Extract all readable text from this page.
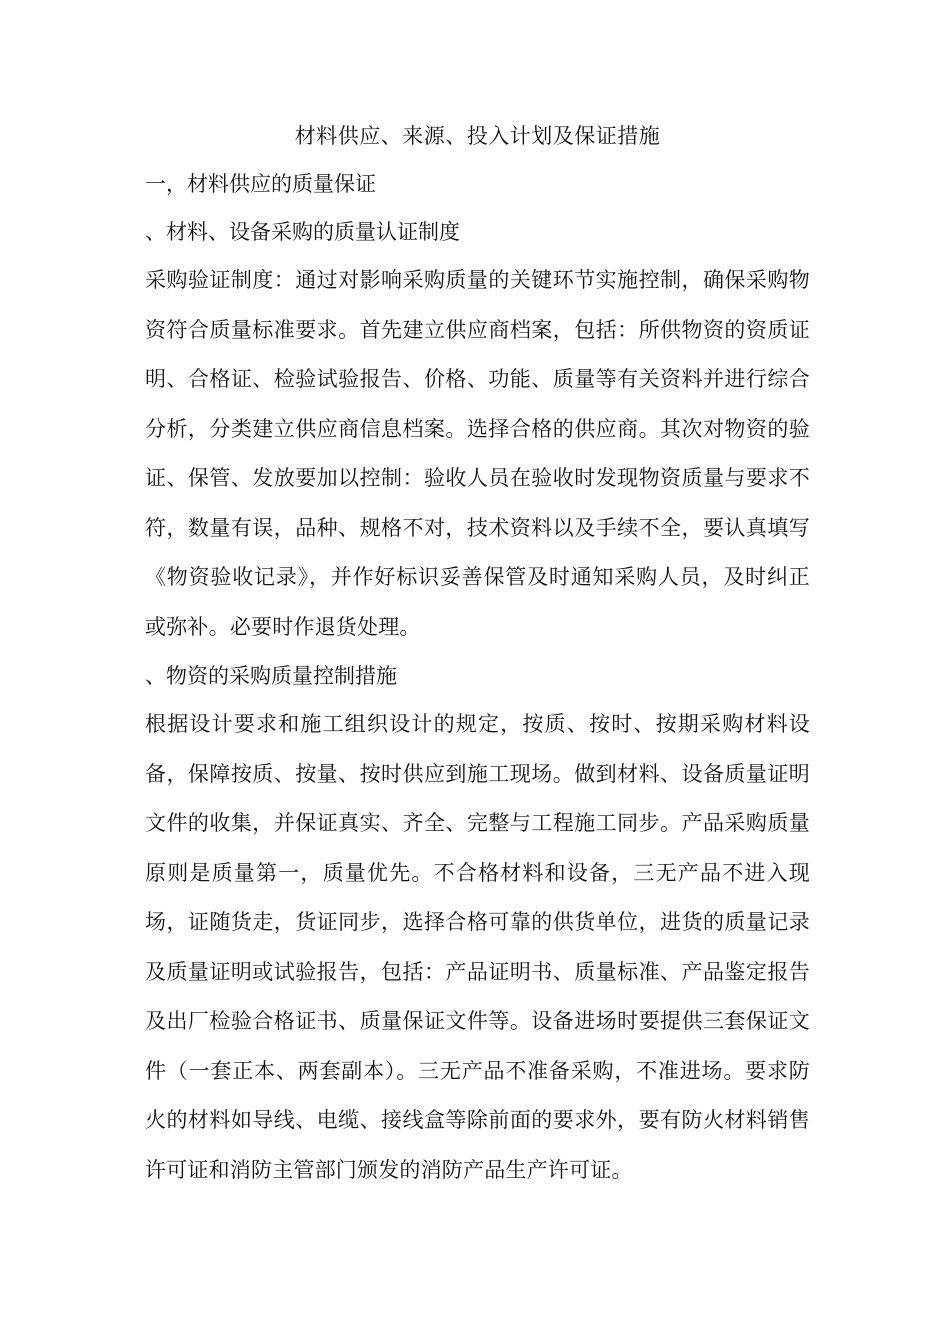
材料供应、来源、投入计划及保证措施

一，材料供应的质量保证

、材料、设备采购的质量认证制度

采购验证制度：通过对影响采购质量的关键环节实施控制，确保采购物资符合质量标准要求。首先建立供应商档案，包括：所供物资的资质证明、合格证、检验试验报告、价格、功能、质量等有关资料并进行综合分析，分类建立供应商信息档案。选择合格的供应商。其次对物资的验证、保管、发放要加以控制：验收人员在验收时发现物资质量与要求不符，数量有误，品种、规格不对，技术资料以及手续不全，要认真填写《物资验收记录》，并作好标识妥善保管及时通知采购人员，及时纠正或弥补。必要时作退货处理。

、物资的采购质量控制措施

根据设计要求和施工组织设计的规定，按质、按时、按期采购材料设备，保障按质、按量、按时供应到施工现场。做到材料、设备质量证明文件的收集，并保证真实、齐全、完整与工程施工同步。产品采购质量原则是质量第一，质量优先。不合格材料和设备，三无产品不进入现场，证随货走，货证同步，选择合格可靠的供货单位，进货的质量记录及质量证明或试验报告，包括：产品证明书、质量标准、产品鉴定报告及出厂检验合格证书、质量保证文件等。设备进场时要提供三套保证文件（一套正本、两套副本）。三无产品不准备采购，不准进场。要求防火的材料如导线、电缆、接线盒等除前面的要求外，要有防火材料销售许可证和消防主管部门颁发的消防产品生产许可证。
